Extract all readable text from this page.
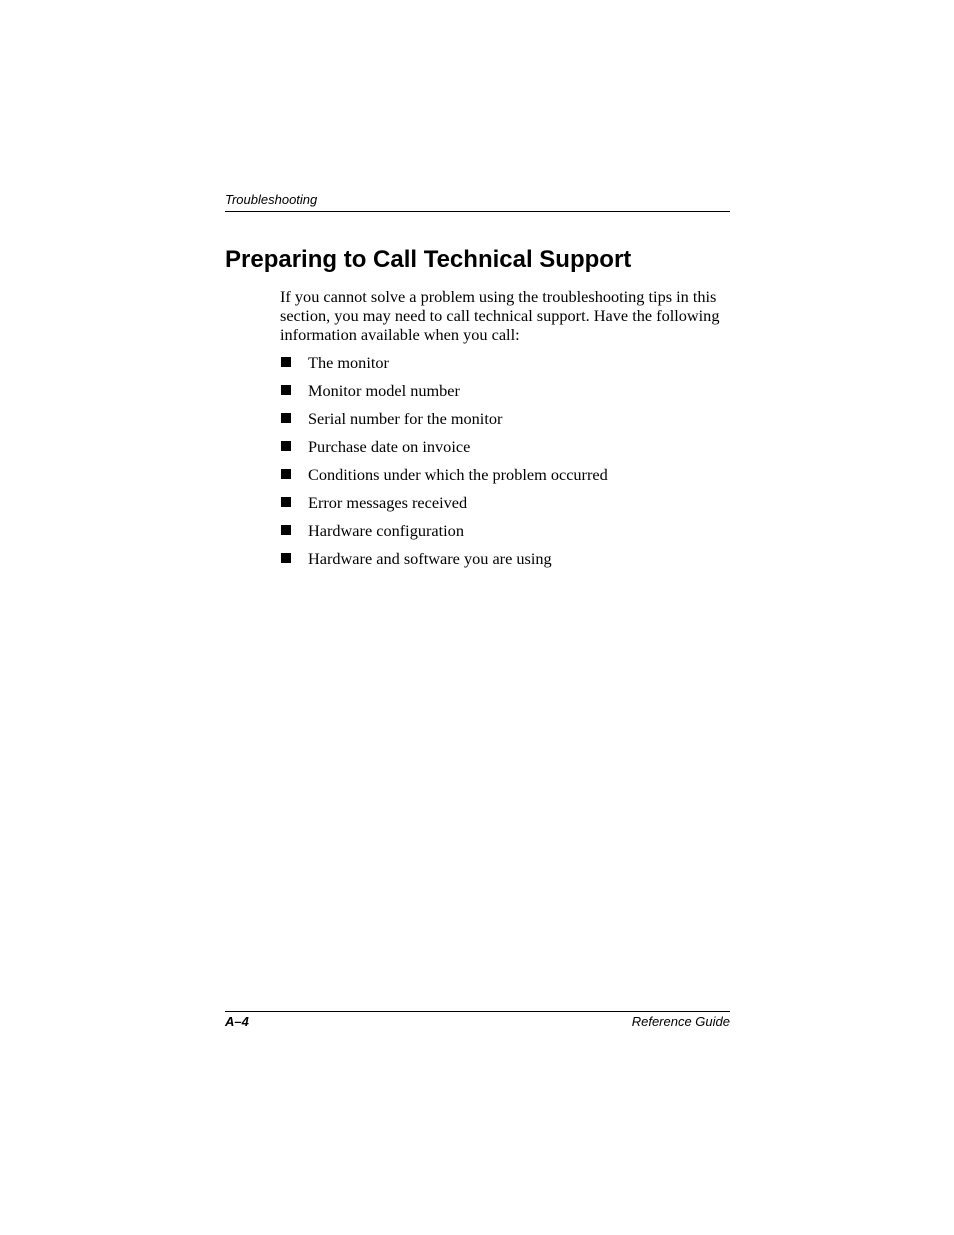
Troubleshooting
Preparing to Call Technical Support

If you cannot solve a problem using the troubleshooting tips in this section, you may need to call technical support. Have the following information available when you call:

The monitor
Monitor model number
Serial number for the monitor
Purchase date on invoice
Conditions under which the problem occurred
Error messages received
Hardware configuration
Hardware and software you are using
A–4	Reference Guide
